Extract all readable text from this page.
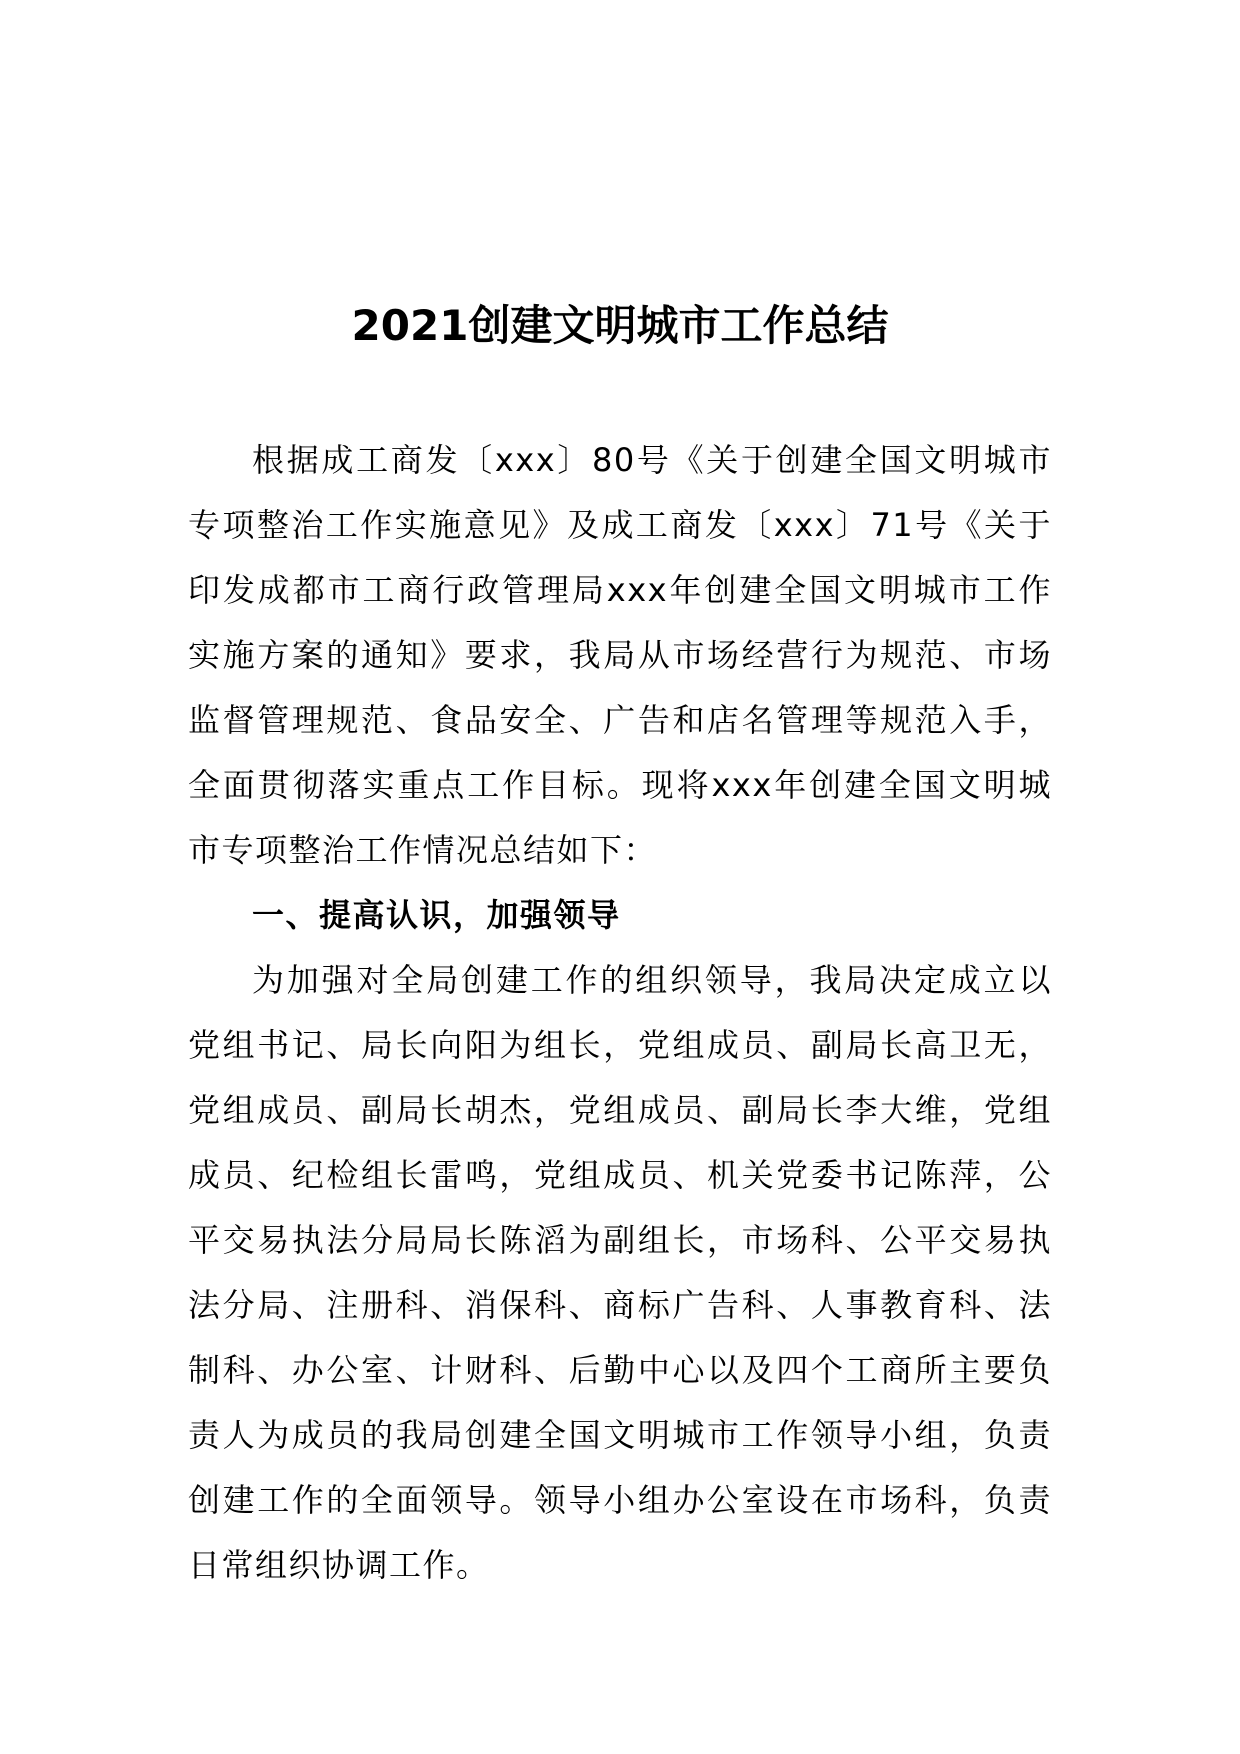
2021创建文明城市工作总结

根据成工商发〔xxx〕80号《关于创建全国文明城市专项整治工作实施意见》及成工商发〔xxx〕71号《关于印发成都市工商行政管理局xxx年创建全国文明城市工作实施方案的通知》要求，我局从市场经营行为规范、市场监督管理规范、食品安全、广告和店名管理等规范入手，全面贯彻落实重点工作目标。现将xxx年创建全国文明城市专项整治工作情况总结如下：

一、提高认识，加强领导

为加强对全局创建工作的组织领导，我局决定成立以党组书记、局长向阳为组长，党组成员、副局长高卫无，党组成员、副局长胡杰，党组成员、副局长李大维，党组成员、纪检组长雷鸣，党组成员、机关党委书记陈萍，公平交易执法分局局长陈滔为副组长，市场科、公平交易执法分局、注册科、消保科、商标广告科、人事教育科、法制科、办公室、计财科、后勤中心以及四个工商所主要负责人为成员的我局创建全国文明城市工作领导小组，负责创建工作的全面领导。领导小组办公室设在市场科，负责日常组织协调工作。
